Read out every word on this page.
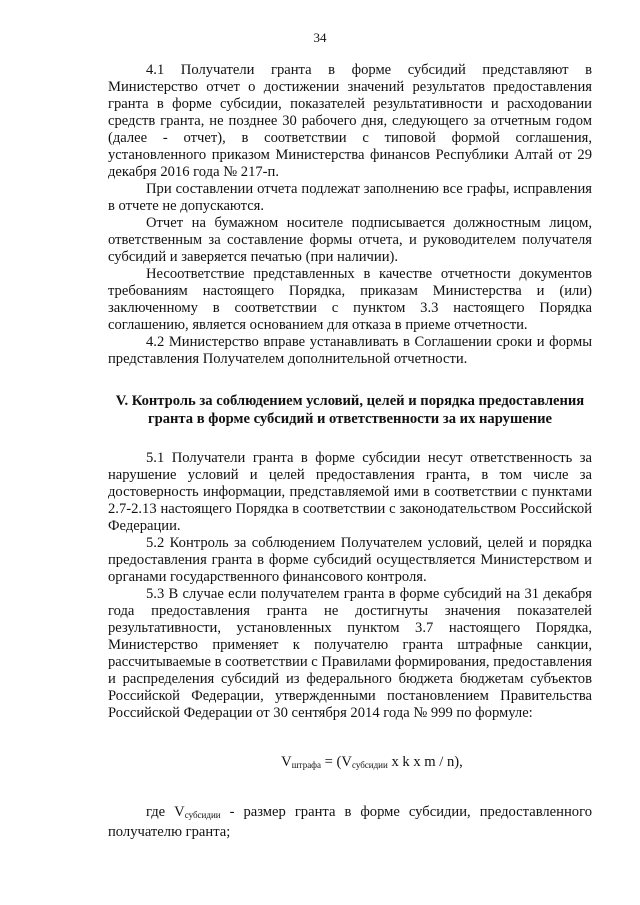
34

4.1 Получатели гранта в форме субсидий представляют в Министерство отчет о достижении значений результатов предоставления гранта в форме субсидии, показателей результативности и расходовании средств гранта, не позднее 30 рабочего дня, следующего за отчетным годом (далее - отчет), в соответствии с типовой формой соглашения, установленного приказом Министерства финансов Республики Алтай от 29 декабря 2016 года № 217-п.

При составлении отчета подлежат заполнению все графы, исправления в отчете не допускаются.

Отчет на бумажном носителе подписывается должностным лицом, ответственным за составление формы отчета, и руководителем получателя субсидий и заверяется печатью (при наличии).

Несоответствие представленных в качестве отчетности документов требованиям настоящего Порядка, приказам Министерства и (или) заключенному в соответствии с пунктом 3.3 настоящего Порядка соглашению, является основанием для отказа в приеме отчетности.

4.2 Министерство вправе устанавливать в Соглашении сроки и формы представления Получателем дополнительной отчетности.

V. Контроль за соблюдением условий, целей и порядка предоставления гранта в форме субсидий и ответственности за их нарушение

5.1 Получатели гранта в форме субсидии несут ответственность за нарушение условий и целей предоставления гранта, в том числе за достоверность информации, представляемой ими в соответствии с пунктами 2.7-2.13 настоящего Порядка в соответствии с законодательством Российской Федерации.

5.2 Контроль за соблюдением Получателем условий, целей и порядка предоставления гранта в форме субсидий осуществляется Министерством и органами государственного финансового контроля.

5.3 В случае если получателем гранта в форме субсидий на 31 декабря года предоставления гранта не достигнуты значения показателей результативности, установленных пунктом 3.7 настоящего Порядка, Министерство применяет к получателю гранта штрафные санкции, рассчитываемые в соответствии с Правилами формирования, предоставления и распределения субсидий из федерального бюджета бюджетам субъектов Российской Федерации, утвержденными постановлением Правительства Российской Федерации от 30 сентября 2014 года № 999 по формуле:

$V_{штрафа} = (V_{субсидии}$ x k x m / n),

где $V_{субсидии}$ - размер гранта в форме субсидии, предоставленного получателю гранта;
